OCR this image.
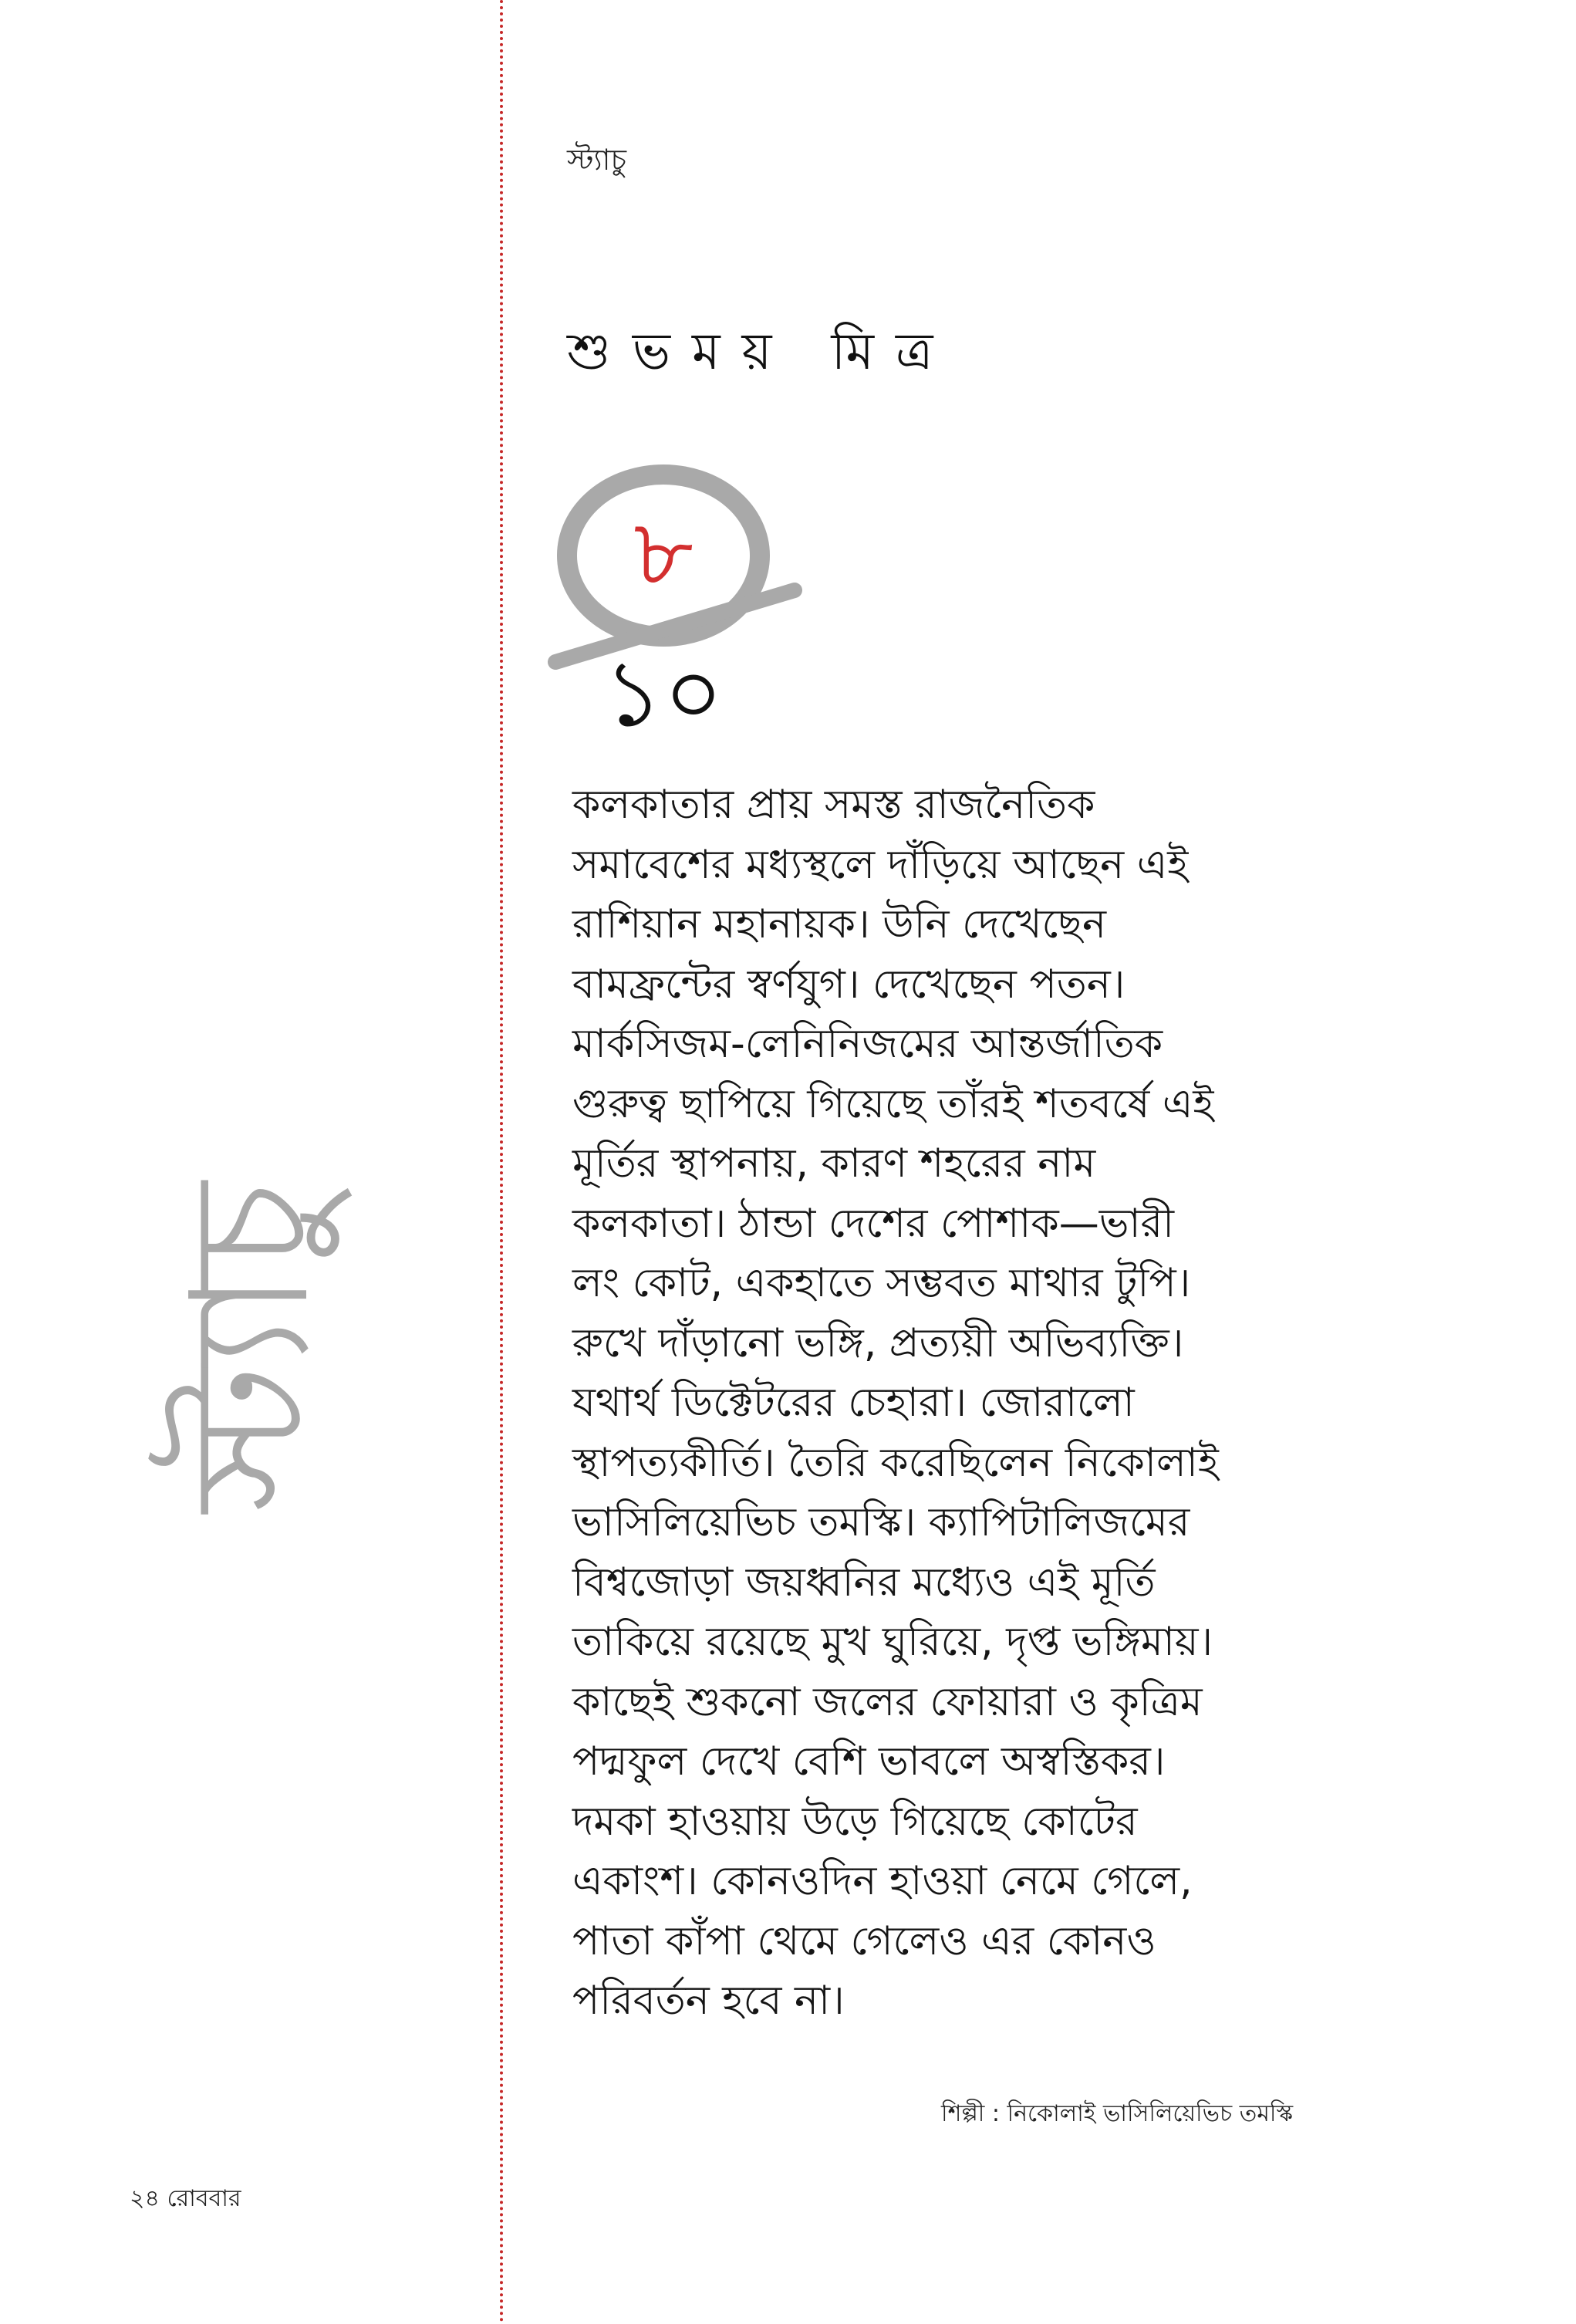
স্ট্যাচু
স্ট্যাচু
শুভময় মিত্র
৮
১০
কলকাতার প্রায় সমস্ত রাজনৈতিক
সমাবেশের মধ্যস্থলে দাঁড়িয়ে আছেন এই
রাশিয়ান মহানায়ক। উনি দেখেছেন
বামফ্রন্টের স্বর্ণযুগ। দেখেছেন পতন।
মার্কসিজম-লেনিনিজমের আন্তর্জাতিক
গুরুত্ব ছাপিয়ে গিয়েছে তাঁরই শতবর্ষে এই
মূর্তির স্থাপনায়, কারণ শহরের নাম
কলকাতা। ঠান্ডা দেশের পোশাক—ভারী
লং কোট, একহাতে সম্ভবত মাথার টুপি।
রুখে দাঁড়ানো ভঙ্গি, প্রত্যয়ী অভিব্যক্তি।
যথার্থ ডিক্টেটরের চেহারা। জোরালো
স্থাপত্যকীর্তি। তৈরি করেছিলেন নিকোলাই
ভাসিলিয়েভিচ তমস্কি। ক্যাপিটালিজমের
বিশ্বজোড়া জয়ধ্বনির মধ্যেও এই মূর্তি
তাকিয়ে রয়েছে মুখ ঘুরিয়ে, দৃপ্ত ভঙ্গিমায়।
কাছেই শুকনো জলের ফোয়ারা ও কৃত্রিম
পদ্মফুল দেখে বেশি ভাবলে অস্বস্তিকর।
দমকা হাওয়ায় উড়ে গিয়েছে কোটের
একাংশ। কোনওদিন হাওয়া নেমে গেলে,
পাতা কাঁপা থেমে গেলেও এর কোনও
পরিবর্তন হবে না।
শিল্পী : নিকোলাই ভাসিলিয়েভিচ তমস্কি
২৪ রোববার
